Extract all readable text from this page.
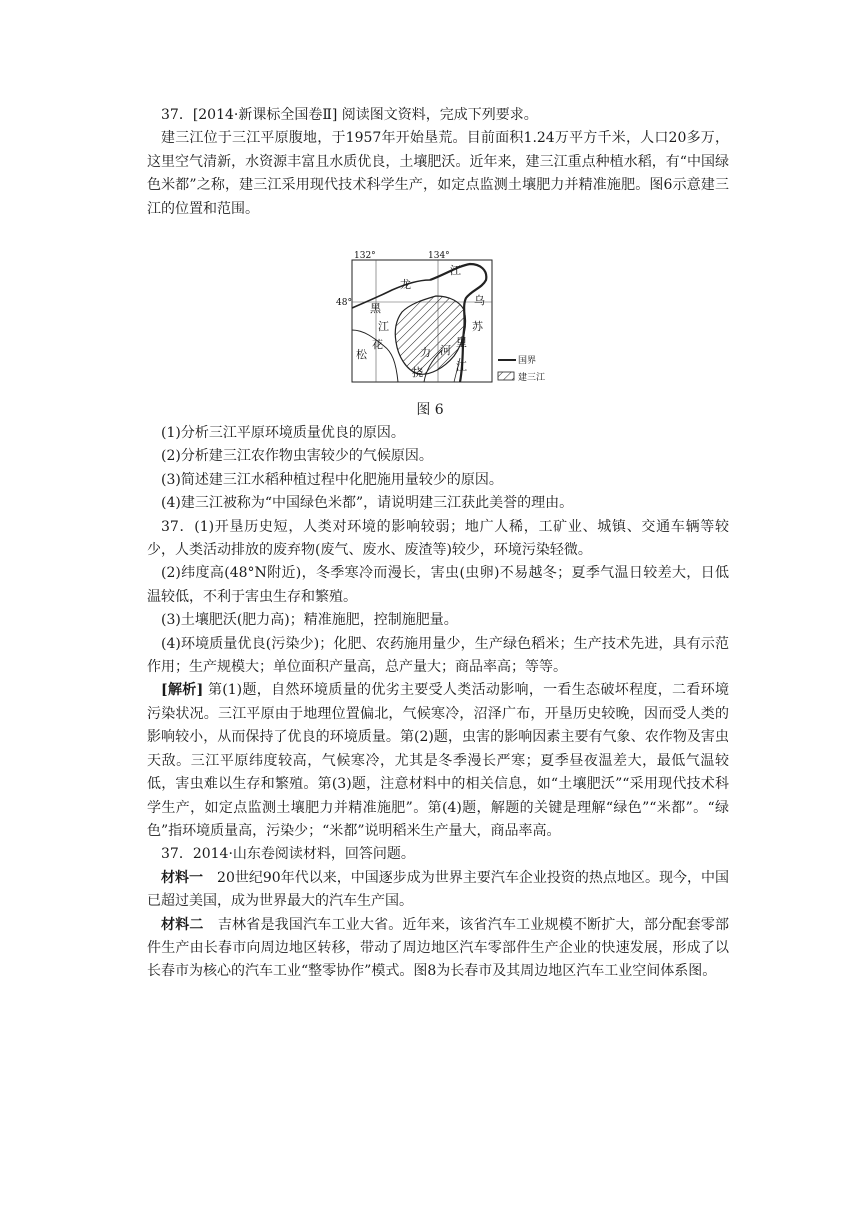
37．[2014·新课标全国卷Ⅱ] 阅读图文资料，完成下列要求。

建三江位于三江平原腹地，于1957年开始垦荒。目前面积1.24万平方千米，人口20多万，这里空气清新，水资源丰富且水质优良，土壤肥沃。近年来，建三江重点种植水稻，有“中国绿色米都”之称，建三江采用现代技术科学生产，如定点监测土壤肥力并精准施肥。图6示意建三江的位置和范围。

132°	134°
48°
龙
江
黑
江
乌
苏
花
松	力 河
里
江
挠
国界
建三江
图 6

(1)分析三江平原环境质量优良的原因。

(2)分析建三江农作物虫害较少的气候原因。

(3)简述建三江水稻种植过程中化肥施用量较少的原因。

(4)建三江被称为“中国绿色米都”，请说明建三江获此美誉的理由。

37．(1)开垦历史短，人类对环境的影响较弱；地广人稀，工矿业、城镇、交通车辆等较少，人类活动排放的废弃物(废气、废水、废渣等)较少，环境污染轻微。

(2)纬度高(48°N附近)，冬季寒冷而漫长，害虫(虫卵)不易越冬；夏季气温日较差大，日低温较低，不利于害虫生存和繁殖。

(3)土壤肥沃(肥力高)；精准施肥，控制施肥量。

(4)环境质量优良(污染少)；化肥、农药施用量少，生产绿色稻米；生产技术先进，具有示范作用；生产规模大；单位面积产量高，总产量大；商品率高；等等。

[解析] 第(1)题，自然环境质量的优劣主要受人类活动影响，一看生态破坏程度，二看环境污染状况。三江平原由于地理位置偏北，气候寒冷，沼泽广布，开垦历史较晚，因而受人类的影响较小，从而保持了优良的环境质量。第(2)题，虫害的影响因素主要有气象、农作物及害虫天敌。三江平原纬度较高，气候寒冷，尤其是冬季漫长严寒；夏季昼夜温差大，最低气温较低，害虫难以生存和繁殖。第(3)题，注意材料中的相关信息，如“土壤肥沃”“采用现代技术科学生产，如定点监测土壤肥力并精准施肥”。第(4)题，解题的关键是理解“绿色”“米都”。“绿色”指环境质量高，污染少；“米都”说明稻米生产量大，商品率高。

37．2014·山东卷阅读材料，回答问题。

材料一　20世纪90年代以来，中国逐步成为世界主要汽车企业投资的热点地区。现今，中国已超过美国，成为世界最大的汽车生产国。

材料二　吉林省是我国汽车工业大省。近年来，该省汽车工业规模不断扩大，部分配套零部件生产由长春市向周边地区转移，带动了周边地区汽车零部件生产企业的快速发展，形成了以长春市为核心的汽车工业“整零协作”模式。图8为长春市及其周边地区汽车工业空间体系图。
